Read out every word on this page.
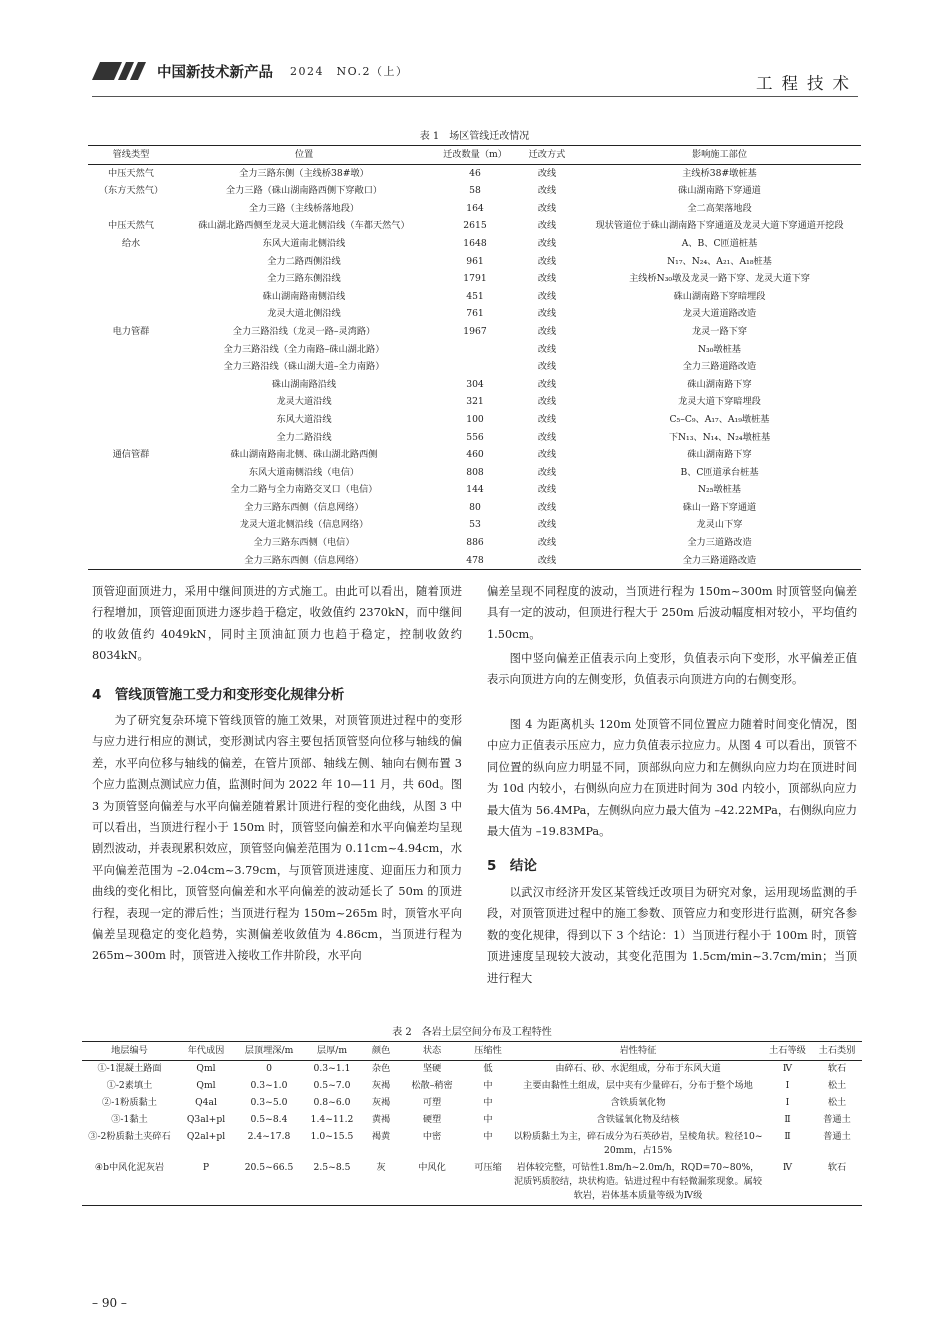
中国新技术新产品 2024　NO.2（上）
工程技术
表 1　场区管线迁改情况
管线类型	位置	迁改数量（m）	迁改方式	影响施工部位
中压天然气	全力三路东侧（主线桥38#墩）	46	改线	主线桥38#墩桩基
（东方天然气）	全力三路（硃山湖南路西侧下穿敞口）	58	改线	硃山湖南路下穿通道
	全力三路（主线桥落地段）	164	改线	全二高架落地段
中压天然气	硃山湖北路西侧至龙灵大道北侧沿线（车都天然气）	2615	改线	现状管道位于硃山湖南路下穿通道及龙灵大道下穿通道开挖段
给水	东风大道南北侧沿线	1648	改线	A、B、C匝道桩基
	全力二路西侧沿线	961	改线	N₁₇、N₂₄、A₂₁、A₁₈桩基
	全力三路东侧沿线	1791	改线	主线桥N₃₀墩及龙灵一路下穿、龙灵大道下穿
	硃山湖南路南侧沿线	451	改线	硃山湖南路下穿暗埋段
	龙灵大道北侧沿线	761	改线	龙灵大道道路改造
电力管群	全力三路沿线（龙灵一路–灵湾路）	1967	改线	龙灵一路下穿
	全力三路沿线（全力南路–硃山湖北路）		改线	N₃₀墩桩基
	全力三路沿线（硃山湖大道–全力南路）		改线	全力三路道路改造
	硃山湖南路沿线	304	改线	硃山湖南路下穿
	龙灵大道沿线	321	改线	龙灵大道下穿暗埋段
	东风大道沿线	100	改线	C₅–C₉、A₁₇、A₁₉墩桩基
	全力二路沿线	556	改线	下N₁₃、N₁₄、N₂₄墩桩基
通信管群	硃山湖南路南北侧、硃山湖北路西侧	460	改线	硃山湖南路下穿
	东风大道南侧沿线（电信）	808	改线	B、C匝道承台桩基
	全力二路与全力南路交叉口（电信）	144	改线	N₂₅墩桩基
	全力三路东西侧（信息网络）	80	改线	硃山一路下穿通道
	龙灵大道北侧沿线（信息网络）	53	改线	龙灵山下穿
	全力三路东西侧（电信）	886	改线	全力三道路改造
	全力三路东西侧（信息网络）	478	改线	全力三路道路改造

顶管迎面顶进力，采用中继间顶进的方式施工。由此可以看出，随着顶进行程增加，顶管迎面顶进力逐步趋于稳定，收敛值约 2370kN，而中继间的收敛值约 4049kN，同时主顶油缸顶力也趋于稳定，控制收敛约 8034kN。

4　管线顶管施工受力和变形变化规律分析

为了研究复杂环境下管线顶管的施工效果，对顶管顶进过程中的变形与应力进行相应的测试，变形测试内容主要包括顶管竖向位移与轴线的偏差，水平向位移与轴线的偏差，在管片顶部、轴线左侧、轴向右侧布置 3 个应力监测点测试应力值，监测时间为 2022 年 10—11 月，共 60d。图 3 为顶管竖向偏差与水平向偏差随着累计顶进行程的变化曲线，从图 3 中可以看出，当顶进行程小于 150m 时，顶管竖向偏差和水平向偏差均呈现剧烈波动，并表现累积效应，顶管竖向偏差范围为 0.11cm~4.94cm，水平向偏差范围为 –2.04cm~3.79cm，与顶管顶进速度、迎面压力和顶力曲线的变化相比，顶管竖向偏差和水平向偏差的波动延长了 50m 的顶进行程，表现一定的滞后性；当顶进行程为 150m~265m 时，顶管水平向偏差呈现稳定的变化趋势，实测偏差收敛值为 4.86cm，当顶进行程为 265m~300m 时，顶管进入接收工作井阶段，水平向

偏差呈现不同程度的波动，当顶进行程为 150m~300m 时顶管竖向偏差具有一定的波动，但顶进行程大于 250m 后波动幅度相对较小，平均值约 1.50cm。

图中竖向偏差正值表示向上变形，负值表示向下变形，水平偏差正值表示向顶进方向的左侧变形，负值表示向顶进方向的右侧变形。

图 4 为距离机头 120m 处顶管不同位置应力随着时间变化情况，图中应力正值表示压应力，应力负值表示拉应力。从图 4 可以看出，顶管不同位置的纵向应力明显不同，顶部纵向应力和左侧纵向应力均在顶进时间为 10d 内较小，右侧纵向应力在顶进时间为 30d 内较小，顶部纵向应力最大值为 56.4MPa，左侧纵向应力最大值为 –42.22MPa，右侧纵向应力最大值为 –19.83MPa。

5　结论

以武汉市经济开发区某管线迁改项目为研究对象，运用现场监测的手段，对顶管顶进过程中的施工参数、顶管应力和变形进行监测，研究各参数的变化规律，得到以下 3 个结论：1）当顶进行程小于 100m 时，顶管顶进速度呈现较大波动，其变化范围为 1.5cm/min~3.7cm/min；当顶进行程大

表 2　各岩土层空间分布及工程特性
地层编号	年代成因	层顶埋深/m	层厚/m	颜色	状态	压缩性	岩性特征	土石等级	土石类别
①-1混凝土路面	Qml	0	0.3~1.1	杂色	坚硬	低	由碎石、砂、水泥组成，分布于东风大道	Ⅳ	软石
①-2素填土	Qml	0.3~1.0	0.5~7.0	灰褐	松散–稍密	中	主要由黏性土组成，层中夹有少量碎石，分布于整个场地	Ⅰ	松土
②-1粉质黏土	Q4al	0.3~5.0	0.8~6.0	灰褐	可塑	中	含铁质氧化物	Ⅰ	松土
③-1黏土	Q3al+pl	0.5~8.4	1.4~11.2	黄褐	硬塑	中	含铁锰氧化物及结核	Ⅱ	普通土
③-2粉质黏土夹碎石	Q2al+pl	2.4~17.8	1.0~15.5	褐黄	中密	中	以粉质黏土为主，碎石成分为石英砂岩，呈棱角状。粒径10~20mm，占15%	Ⅱ	普通土
④b中风化泥灰岩	P	20.5~66.5	2.5~8.5	灰	中风化	可压缩	岩体较完整，可钻性1.8m/h~2.0m/h，RQD=70~80%，泥质钙质胶结，块状构造。钻进过程中有轻微漏浆现象。属较软岩，岩体基本质量等级为Ⅳ级	Ⅳ	软石
– 90 –
